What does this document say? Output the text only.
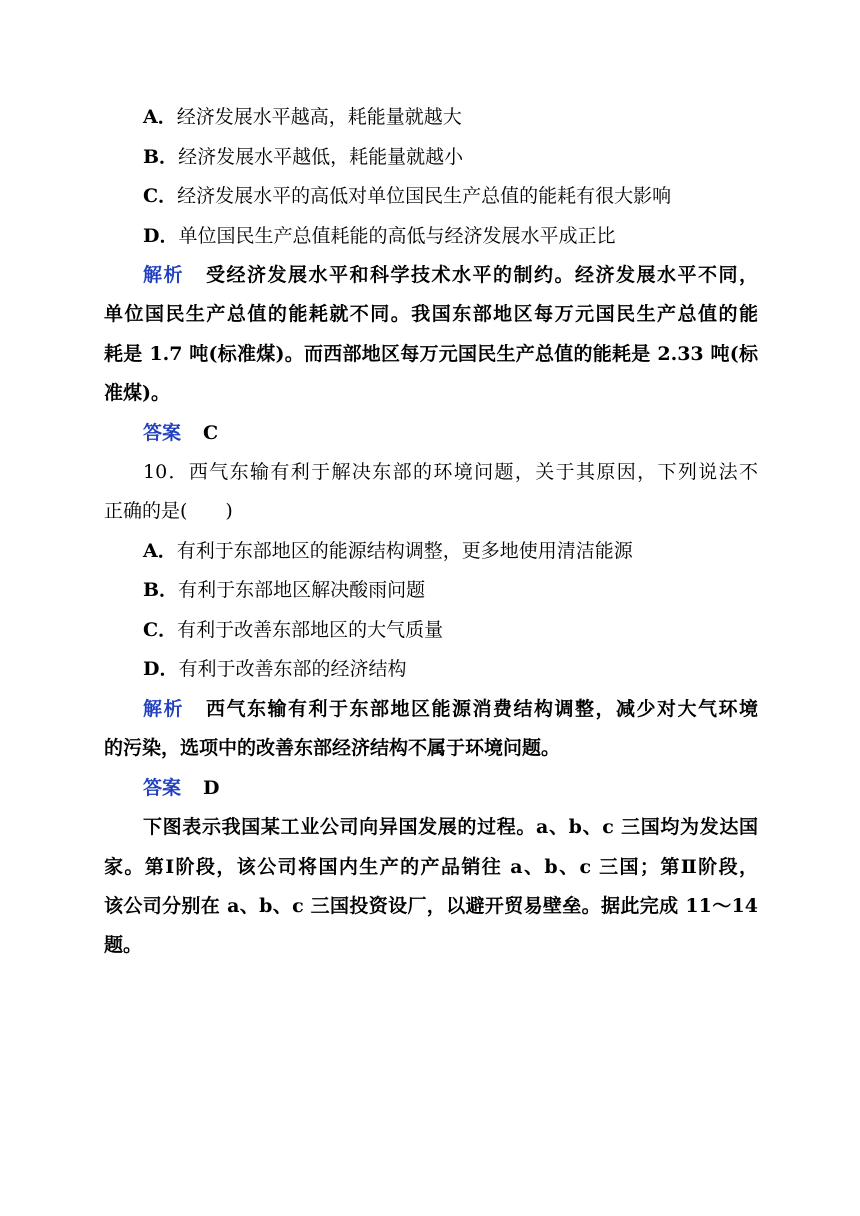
A．经济发展水平越高，耗能量就越大
B．经济发展水平越低，耗能量就越小
C．经济发展水平的高低对单位国民生产总值的能耗有很大影响
D．单位国民生产总值耗能的高低与经济发展水平成正比
解析 受经济发展水平和科学技术水平的制约。经济发展水平不同，
单位国民生产总值的能耗就不同。我国东部地区每万元国民生产总值的能
耗是 1.7 吨(标准煤)。而西部地区每万元国民生产总值的能耗是 2.33 吨(标
准煤)。
答案 C
10．西气东输有利于解决东部的环境问题，关于其原因，下列说法不
正确的是(　　)
A．有利于东部地区的能源结构调整，更多地使用清洁能源
B．有利于东部地区解决酸雨问题
C．有利于改善东部地区的大气质量
D．有利于改善东部的经济结构
解析 西气东输有利于东部地区能源消费结构调整，减少对大气环境
的污染，选项中的改善东部经济结构不属于环境问题。
答案 D
下图表示我国某工业公司向异国发展的过程。a、b、c 三国均为发达国
家。第Ⅰ阶段，该公司将国内生产的产品销往 a、b、c 三国；第Ⅱ阶段，
该公司分别在 a、b、c 三国投资设厂，以避开贸易壁垒。据此完成 11～14
题。
